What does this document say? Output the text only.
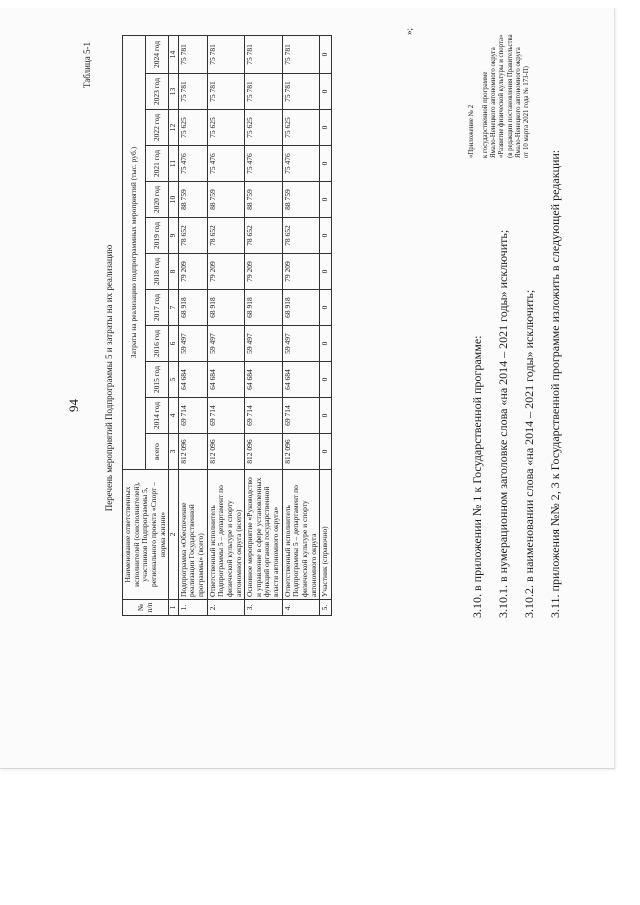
94
Таблица 5-1
Перечень мероприятий Подпрограммы 5 и затраты на их реализацию
№ п/п	Наименование ответственных исполнителей (соисполнителей), участников Подпрограммы 5, регионального проекта «Спорт – норма жизни»	Затраты на реализацию подпрограммных мероприятий (тыс. руб.)											
		всего	2014 год	2015 год	2016 год	2017 год	2018 год	2019 год	2020 год	2021 год	2022 год	2023 год	2024 год
1	2	3	4	5	6	7	8	9	10	11	12	13	14
1.	Подпрограмма «Обеспечение реализации Государственной программы» (всего)	812 096	69 714	64 684	59 497	68 918	79 209	78 652	88 759	75 476	75 625	75 781	75 781
2.	Ответственный исполнитель Подпрограммы 5 – департамент по физической культуре и спорту автономного округа (всего)	812 096	69 714	64 684	59 497	68 918	79 209	78 652	88 759	75 476	75 625	75 781	75 781
3.	Основное мероприятие «Руководство и управление в сфере установленных функций органов государственной власти автономного округа»	812 096	69 714	64 684	59 497	68 918	79 209	78 652	88 759	75 476	75 625	75 781	75 781
4.	Ответственный исполнитель Подпрограммы 5 – департамент по физической культуре и спорту автономного округа	812 096	69 714	64 684	59 497	68 918	79 209	78 652	88 759	75 476	75 625	75 781	75 781
5.	Участник (справочно)	0	0	0	0	0	0	0	0	0	0	0	0
»;
3.10. в приложении № 1 к Государственной программе: 3.10.1. в нумерационном заголовке слова «на 2014 – 2021 годы» исключить; 3.10.2. в наименовании слова «на 2014 – 2021 годы» исключить; 3.11. приложения №№ 2, 3 к Государственной программе изложить в следующей редакции:
«Приложение № 2 к государственной программе Ямало-Ненецкого автономного округа «Развитие физической культуры и спорта» (в редакции постановления Правительства Ямало-Ненецкого автономного округа от 10 марта 2021 года № 173-П)
